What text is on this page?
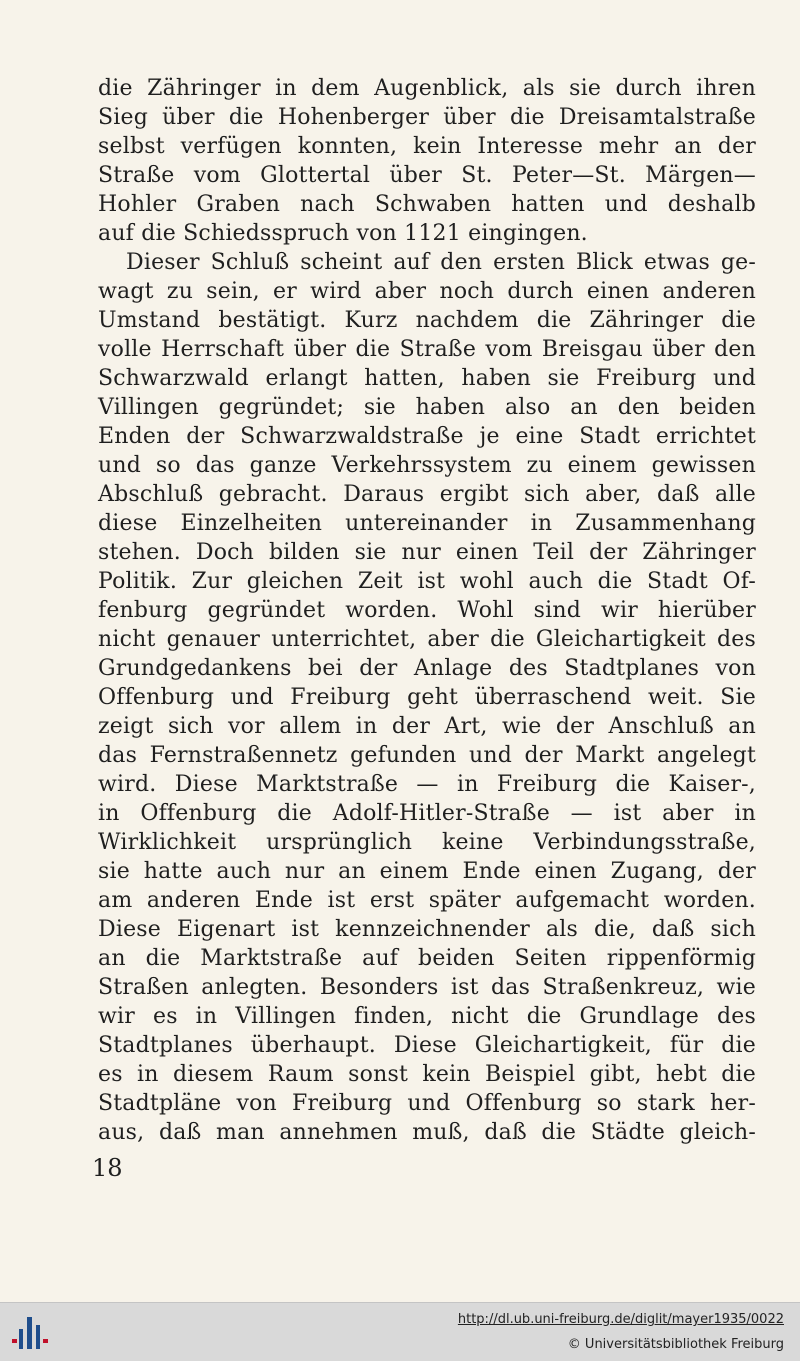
die Zähringer in dem Augenblick, als sie durch ihren
Sieg über die Hohenberger über die Dreisamtalstraße
selbst verfügen konnten, kein Interesse mehr an der
Straße vom Glottertal über St. Peter—St. Märgen—
Hohler Graben nach Schwaben hatten und deshalb
auf die Schiedsspruch von 1121 eingingen.
Dieser Schluß scheint auf den ersten Blick etwas ge-
wagt zu sein, er wird aber noch durch einen anderen
Umstand bestätigt. Kurz nachdem die Zähringer die
volle Herrschaft über die Straße vom Breisgau über den
Schwarzwald erlangt hatten, haben sie Freiburg und
Villingen gegründet; sie haben also an den beiden
Enden der Schwarzwaldstraße je eine Stadt errichtet
und so das ganze Verkehrssystem zu einem gewissen
Abschluß gebracht. Daraus ergibt sich aber, daß alle
diese Einzelheiten untereinander in Zusammenhang
stehen. Doch bilden sie nur einen Teil der Zähringer
Politik. Zur gleichen Zeit ist wohl auch die Stadt Of-
fenburg gegründet worden. Wohl sind wir hierüber
nicht genauer unterrichtet, aber die Gleichartigkeit des
Grundgedankens bei der Anlage des Stadtplanes von
Offenburg und Freiburg geht überraschend weit. Sie
zeigt sich vor allem in der Art, wie der Anschluß an
das Fernstraßennetz gefunden und der Markt angelegt
wird. Diese Marktstraße — in Freiburg die Kaiser-,
in Offenburg die Adolf-Hitler-Straße — ist aber in
Wirklichkeit ursprünglich keine Verbindungsstraße,
sie hatte auch nur an einem Ende einen Zugang, der
am anderen Ende ist erst später aufgemacht worden.
Diese Eigenart ist kennzeichnender als die, daß sich
an die Marktstraße auf beiden Seiten rippenförmig
Straßen anlegten. Besonders ist das Straßenkreuz, wie
wir es in Villingen finden, nicht die Grundlage des
Stadtplanes überhaupt. Diese Gleichartigkeit, für die
es in diesem Raum sonst kein Beispiel gibt, hebt die
Stadtpläne von Freiburg und Offenburg so stark her-
aus, daß man annehmen muß, daß die Städte gleich-
18
http://dl.ub.uni-freiburg.de/diglit/mayer1935/0022
© Universitätsbibliothek Freiburg
